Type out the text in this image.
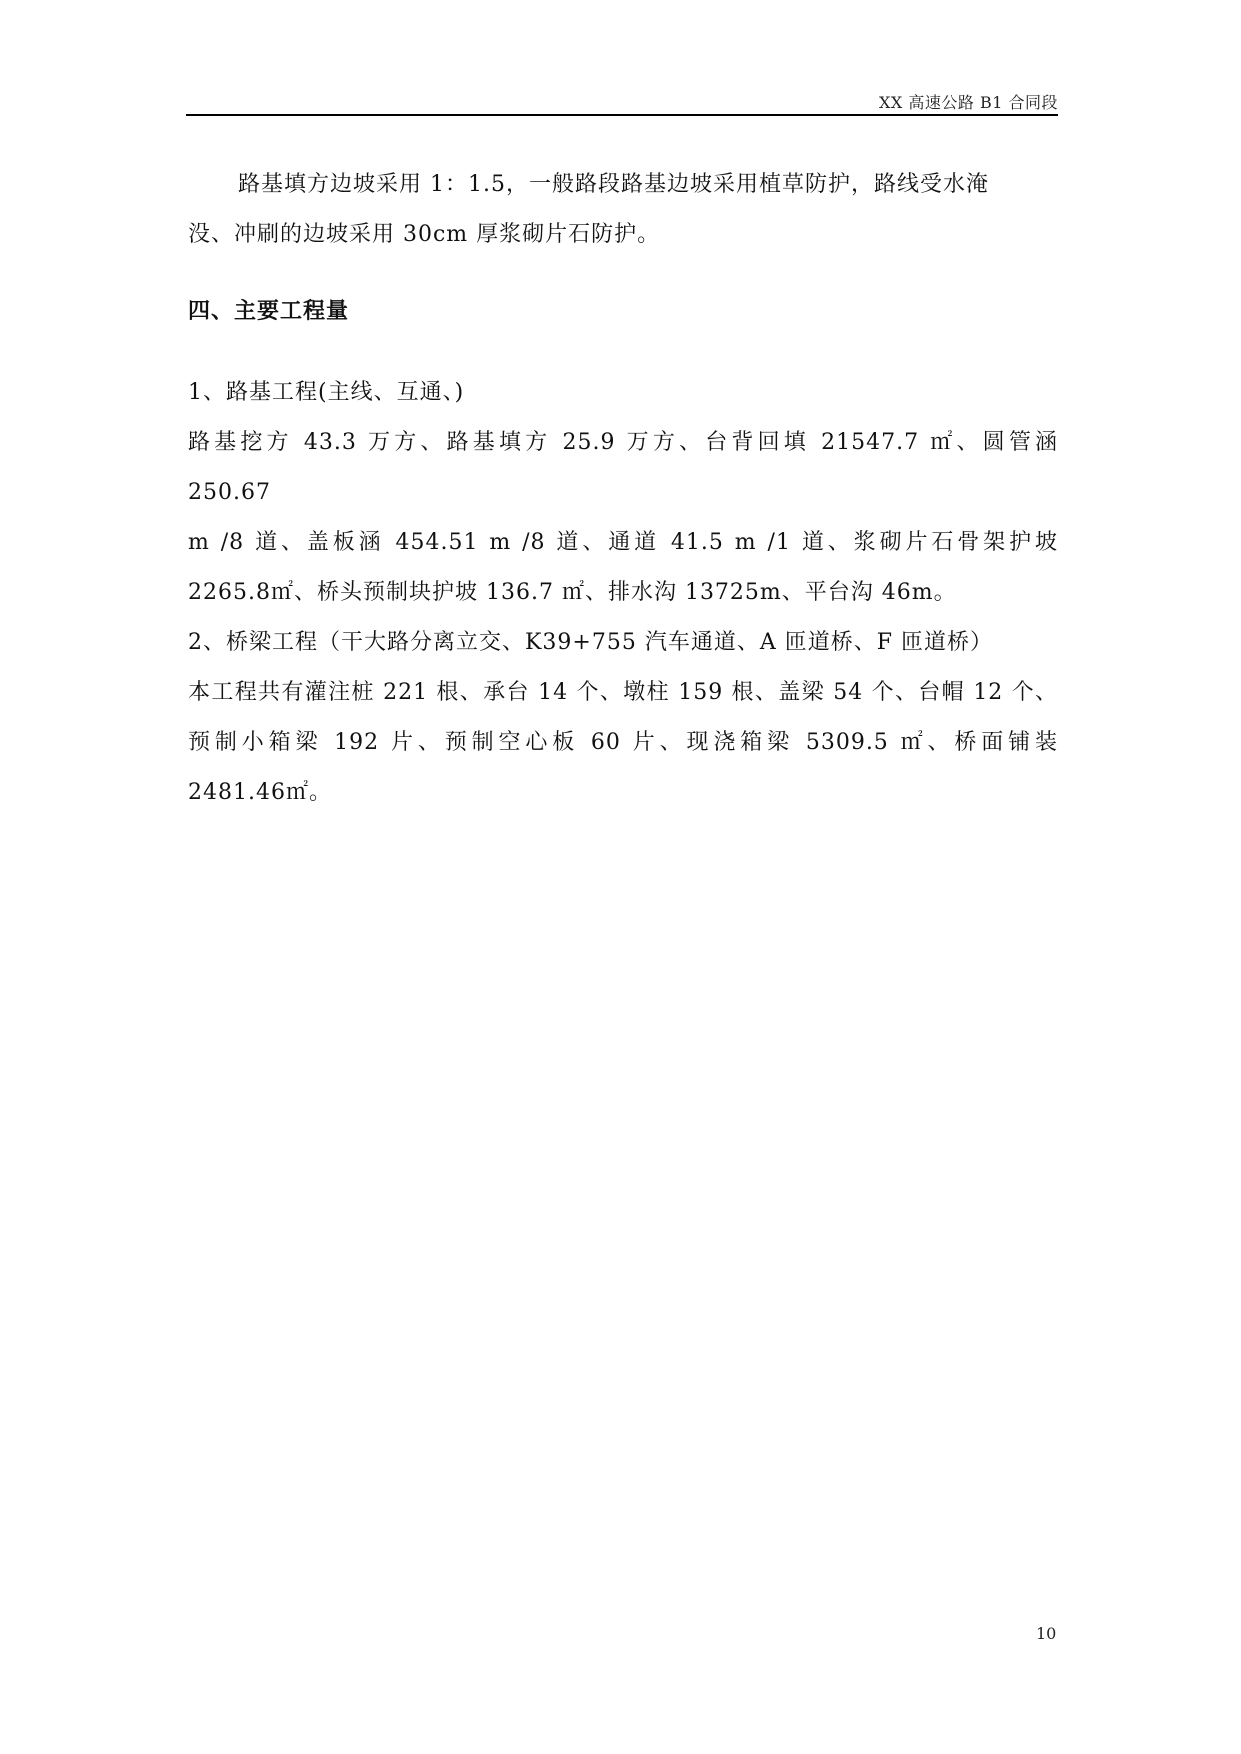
XX 高速公路 B1 合同段

路基填方边坡采用 1：1.5，一般路段路基边坡采用植草防护，路线受水淹

没、冲刷的边坡采用 30cm 厚浆砌片石防护。

四、主要工程量

1、路基工程(主线、互通、)

路基挖方 43.3 万方、路基填方 25.9 万方、台背回填 21547.7 ㎡、圆管涵 250.67

m /8 道、盖板涵 454.51 m /8 道、通道 41.5 m /1 道、浆砌片石骨架护坡

2265.8㎡、桥头预制块护坡 136.7 ㎡、排水沟 13725m、平台沟 46m。

2、桥梁工程（干大路分离立交、K39+755 汽车通道、A 匝道桥、F 匝道桥）

本工程共有灌注桩 221 根、承台 14 个、墩柱 159 根、盖梁 54 个、台帽 12 个、

预制小箱梁 192 片、预制空心板 60 片、现浇箱梁 5309.5 ㎡、桥面铺装

2481.46㎡。

10
